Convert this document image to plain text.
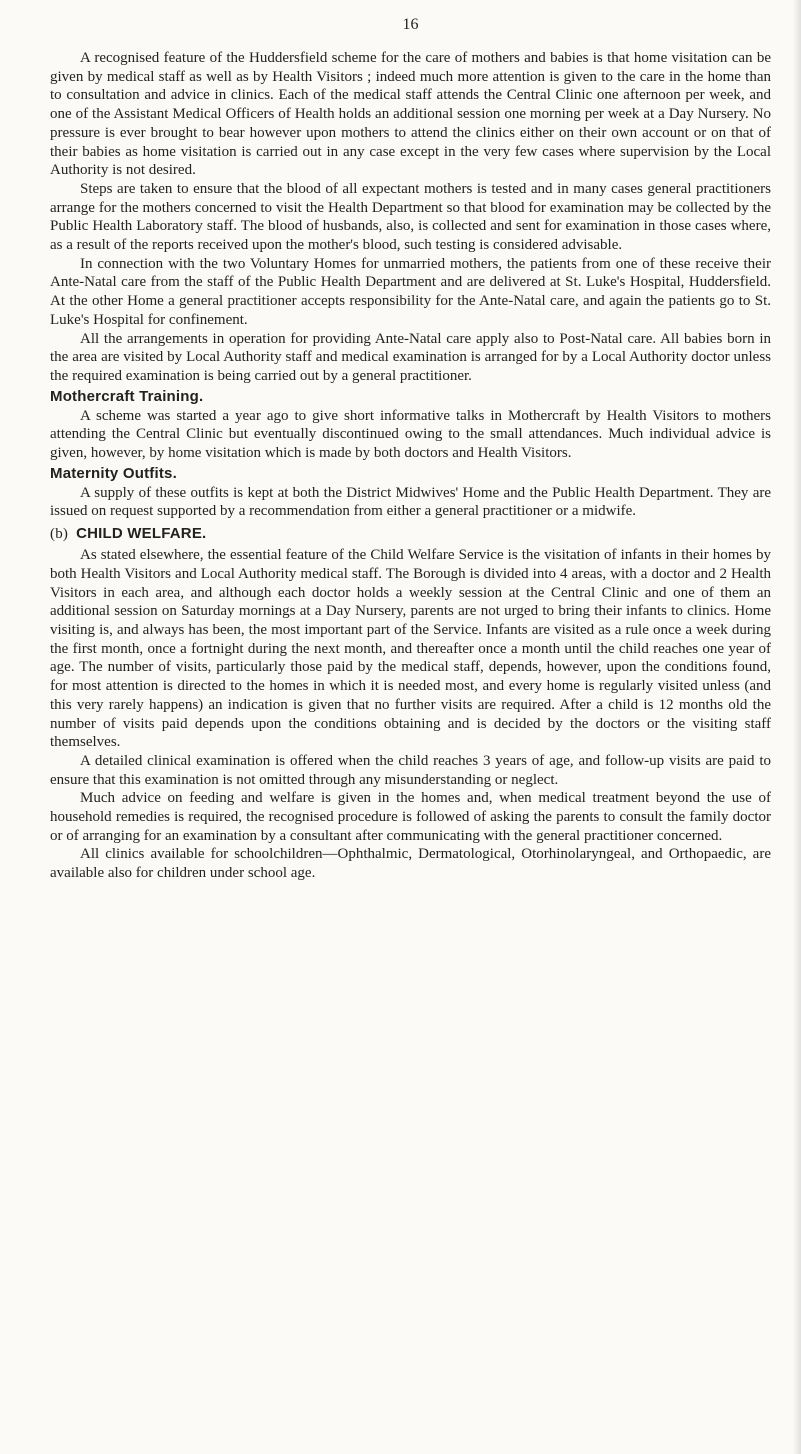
16

A recognised feature of the Huddersfield scheme for the care of mothers and babies is that home visitation can be given by medical staff as well as by Health Visitors ; indeed much more attention is given to the care in the home than to consultation and advice in clinics. Each of the medical staff attends the Central Clinic one afternoon per week, and one of the Assistant Medical Officers of Health holds an additional session one morning per week at a Day Nursery. No pressure is ever brought to bear however upon mothers to attend the clinics either on their own account or on that of their babies as home visitation is carried out in any case except in the very few cases where supervision by the Local Authority is not desired.

Steps are taken to ensure that the blood of all expectant mothers is tested and in many cases general practitioners arrange for the mothers concerned to visit the Health Department so that blood for examination may be collected by the Public Health Laboratory staff. The blood of husbands, also, is collected and sent for examination in those cases where, as a result of the reports received upon the mother's blood, such testing is considered advisable.

In connection with the two Voluntary Homes for unmarried mothers, the patients from one of these receive their Ante-Natal care from the staff of the Public Health Department and are delivered at St. Luke's Hospital, Huddersfield. At the other Home a general practitioner accepts responsibility for the Ante-Natal care, and again the patients go to St. Luke's Hospital for confinement.

All the arrangements in operation for providing Ante-Natal care apply also to Post-Natal care. All babies born in the area are visited by Local Authority staff and medical examination is arranged for by a Local Authority doctor unless the required examination is being carried out by a general practitioner.

Mothercraft Training.

A scheme was started a year ago to give short informative talks in Mothercraft by Health Visitors to mothers attending the Central Clinic but eventually discontinued owing to the small attendances. Much individual advice is given, however, by home visitation which is made by both doctors and Health Visitors.

Maternity Outfits.

A supply of these outfits is kept at both the District Midwives' Home and the Public Health Department. They are issued on request supported by a recommendation from either a general practitioner or a midwife.

(b) CHILD WELFARE.

As stated elsewhere, the essential feature of the Child Welfare Service is the visitation of infants in their homes by both Health Visitors and Local Authority medical staff. The Borough is divided into 4 areas, with a doctor and 2 Health Visitors in each area, and although each doctor holds a weekly session at the Central Clinic and one of them an additional session on Saturday mornings at a Day Nursery, parents are not urged to bring their infants to clinics. Home visiting is, and always has been, the most important part of the Service. Infants are visited as a rule once a week during the first month, once a fortnight during the next month, and thereafter once a month until the child reaches one year of age. The number of visits, particularly those paid by the medical staff, depends, however, upon the conditions found, for most attention is directed to the homes in which it is needed most, and every home is regularly visited unless (and this very rarely happens) an indication is given that no further visits are required. After a child is 12 months old the number of visits paid depends upon the conditions obtaining and is decided by the doctors or the visiting staff themselves.

A detailed clinical examination is offered when the child reaches 3 years of age, and follow-up visits are paid to ensure that this examination is not omitted through any misunderstanding or neglect.

Much advice on feeding and welfare is given in the homes and, when medical treatment beyond the use of household remedies is required, the recognised procedure is followed of asking the parents to consult the family doctor or of arranging for an examination by a consultant after communicating with the general practitioner concerned.

All clinics available for schoolchildren—Ophthalmic, Dermatological, Otorhinolaryngeal, and Orthopaedic, are available also for children under school age.
